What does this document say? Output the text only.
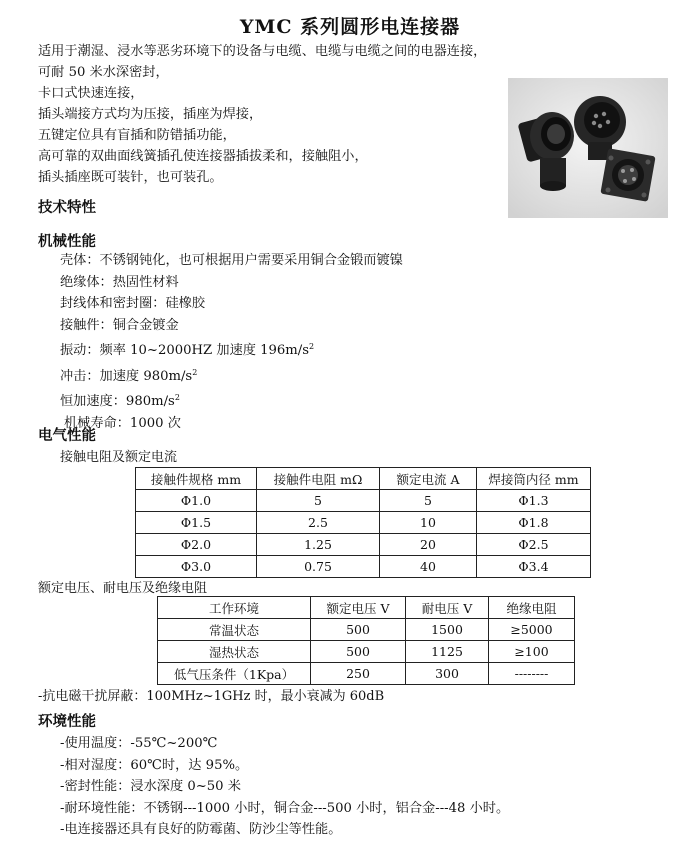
YMC 系列圆形电连接器
适用于潮湿、浸水等恶劣环境下的设备与电缆、电缆与电缆之间的电器连接，
可耐 50 米水深密封，
卡口式快速连接，
插头端接方式均为压接，插座为焊接，
五键定位具有盲插和防错插功能，
高可靠的双曲面线簧插孔使连接器插拔柔和，接触阻小，
插头插座既可装针，也可装孔。
技术特性
机械性能
壳体：不锈钢钝化，也可根据用户需要采用铜合金锻而镀镍
绝缘体：热固性材料
封线体和密封圈：硅橡胶
接触件：铜合金镀金
振动：频率 10~2000HZ 加速度 $196m/s^2$
冲击：加速度 $980m/s^2$
恒加速度：$980m/s^2$
机械寿命：1000 次
电气性能
接触电阻及额定电流
接触件规格 mm	接触件电阻 mΩ	额定电流 A	焊接筒内径 mm
Φ1.0	5	5	Φ1.3
Φ1.5	2.5	10	Φ1.8
Φ2.0	1.25	20	Φ2.5
Φ3.0	0.75	40	Φ3.4
额定电压、耐电压及绝缘电阻
工作环境	额定电压 V	耐电压 V	绝缘电阻
常温状态	500	1500	≥5000
湿热状态	500	1125	≥100
低气压条件（1Kpa）	250	300	--------
-抗电磁干扰屏蔽：100MHz~1GHz 时，最小衰减为 60dB
环境性能
-使用温度：-55℃~200℃
-相对湿度：60℃时，达 95%。
-密封性能：浸水深度 0~50 米
-耐环境性能：不锈钢---1000 小时，铜合金---500 小时，铝合金---48 小时。
-电连接器还具有良好的防霉菌、防沙尘等性能。
